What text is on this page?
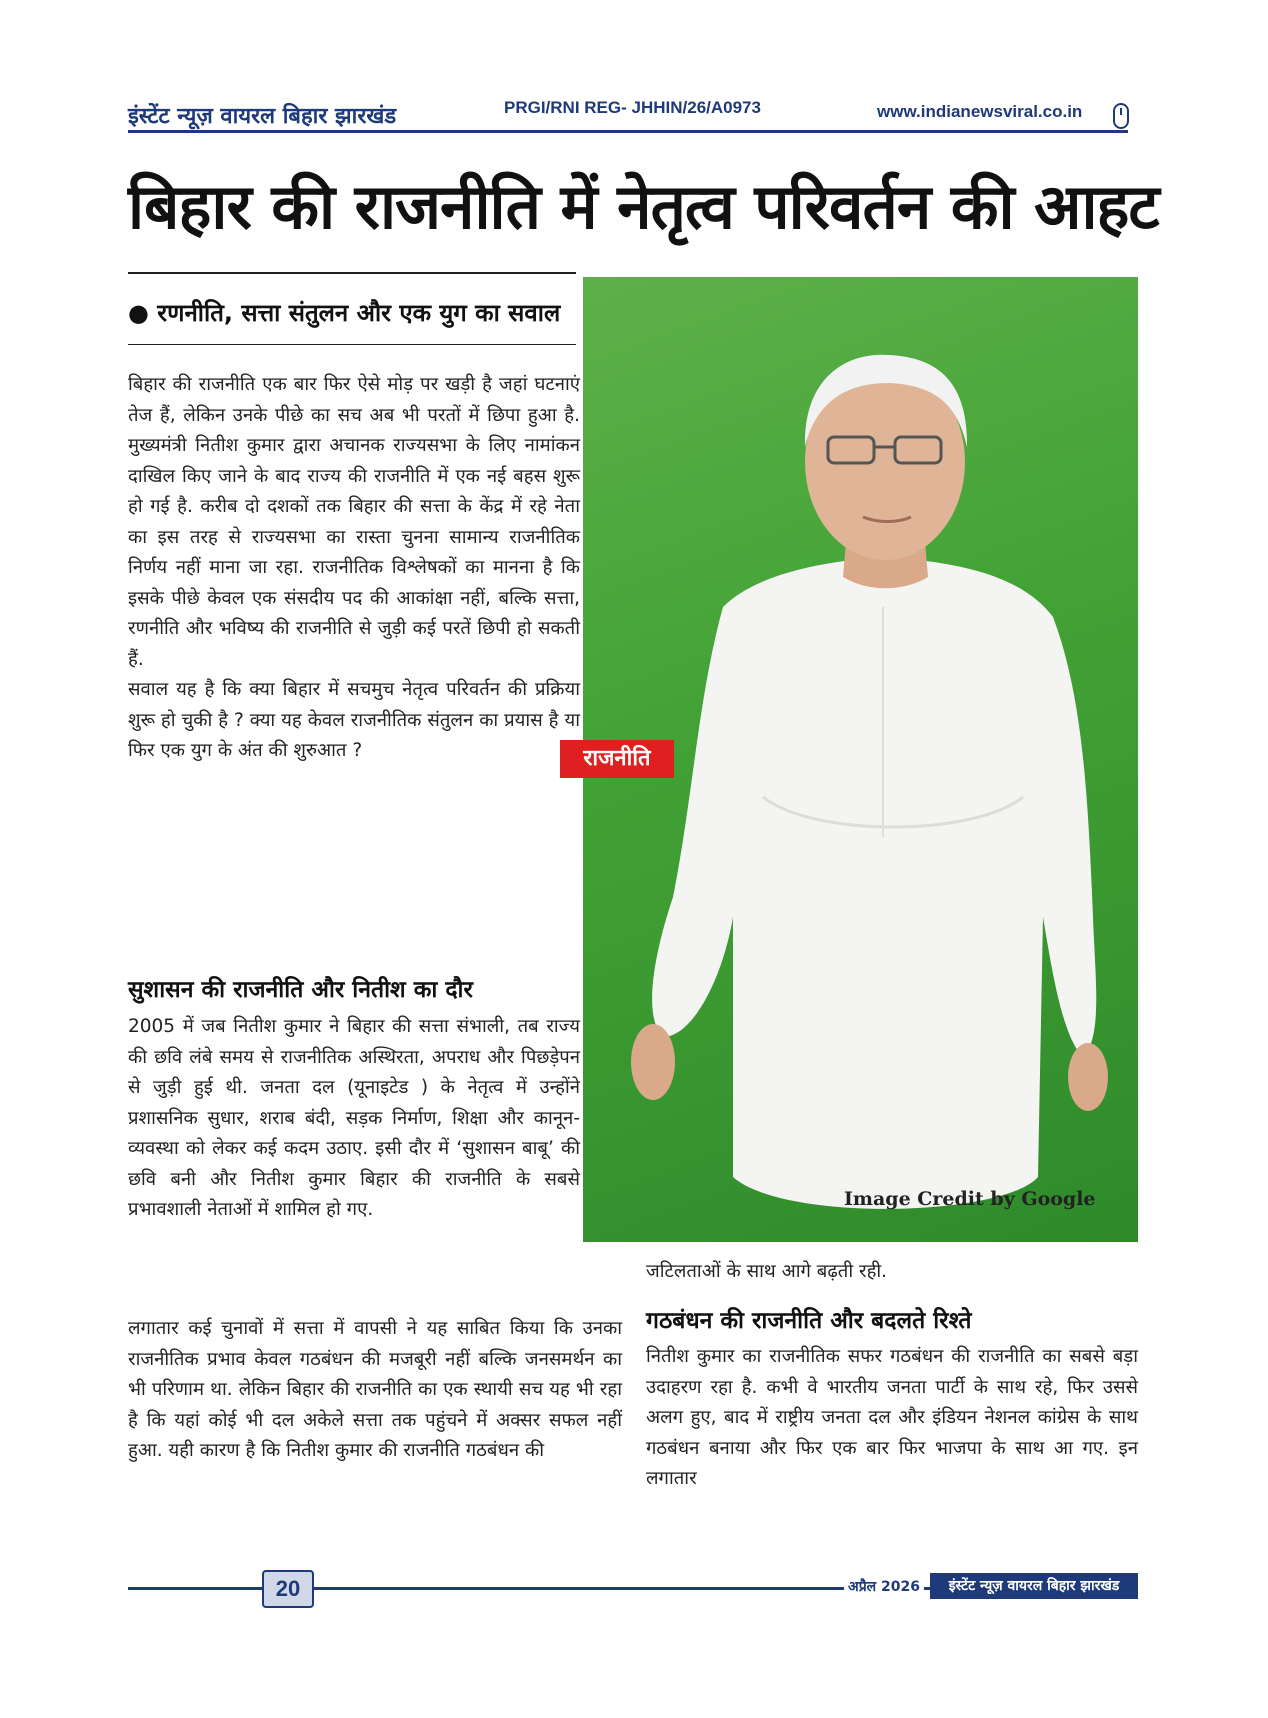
इंस्टेंट न्यूज़ वायरल बिहार झारखंड	PRGI/RNI REG- JHHIN/26/A0973	www.indianewsviral.co.in
बिहार की राजनीति में नेतृत्व परिवर्तन की आहट
● रणनीति, सत्ता संतुलन और एक युग का सवाल

बिहार की राजनीति एक बार फिर ऐसे मोड़ पर खड़ी है जहां घटनाएं तेज हैं, लेकिन उनके पीछे का सच अब भी परतों में छिपा हुआ है. मुख्यमंत्री नितीश कुमार द्वारा अचानक राज्यसभा के लिए नामांकन दाखिल किए जाने के बाद राज्य की राजनीति में एक नई बहस शुरू हो गई है. करीब दो दशकों तक बिहार की सत्ता के केंद्र में रहे नेता का इस तरह से राज्यसभा का रास्ता चुनना सामान्य राजनीतिक निर्णय नहीं माना जा रहा. राजनीतिक विश्लेषकों का मानना है कि इसके पीछे केवल एक संसदीय पद की आकांक्षा नहीं, बल्कि सत्ता, रणनीति और भविष्य की राजनीति से जुड़ी कई परतें छिपी हो सकती हैं.

सवाल यह है कि क्या बिहार में सचमुच नेतृत्व परिवर्तन की प्रक्रिया शुरू हो चुकी है ? क्या यह केवल राजनीतिक संतुलन का प्रयास है या फिर एक युग के अंत की शुरुआत ?

सुशासन की राजनीति और नितीश का दौर

2005 में जब नितीश कुमार ने बिहार की सत्ता संभाली, तब राज्य की छवि लंबे समय से राजनीतिक अस्थिरता, अपराध और पिछड़ेपन से जुड़ी हुई थी. जनता दल (यूनाइटेड ) के नेतृत्व में उन्होंने प्रशासनिक सुधार, शराब बंदी, सड़क निर्माण, शिक्षा और कानून-व्यवस्था को लेकर कई कदम उठाए. इसी दौर में ‘सुशासन बाबू’ की छवि बनी और नितीश कुमार बिहार की राजनीति के सबसे प्रभावशाली नेताओं में शामिल हो गए.

लगातार कई चुनावों में सत्ता में वापसी ने यह साबित किया कि उनका राजनीतिक प्रभाव केवल गठबंधन की मजबूरी नहीं बल्कि जनसमर्थन का भी परिणाम था. लेकिन बिहार की राजनीति का एक स्थायी सच यह भी रहा है कि यहां कोई भी दल अकेले सत्ता तक पहुंचने में अक्सर सफल नहीं हुआ. यही कारण है कि नितीश कुमार की राजनीति गठबंधन की

राजनीति
Image Credit by Google
जटिलताओं के साथ आगे बढ़ती रही.
गठबंधन की राजनीति और बदलते रिश्ते

नितीश कुमार का राजनीतिक सफर गठबंधन की राजनीति का सबसे बड़ा उदाहरण रहा है. कभी वे भारतीय जनता पार्टी के साथ रहे, फिर उससे अलग हुए, बाद में राष्ट्रीय जनता दल और इंडियन नेशनल कांग्रेस के साथ गठबंधन बनाया और फिर एक बार फिर भाजपा के साथ आ गए. इन लगातार

20	अप्रैल 2026	इंस्टेंट न्यूज़ वायरल बिहार झारखंड
